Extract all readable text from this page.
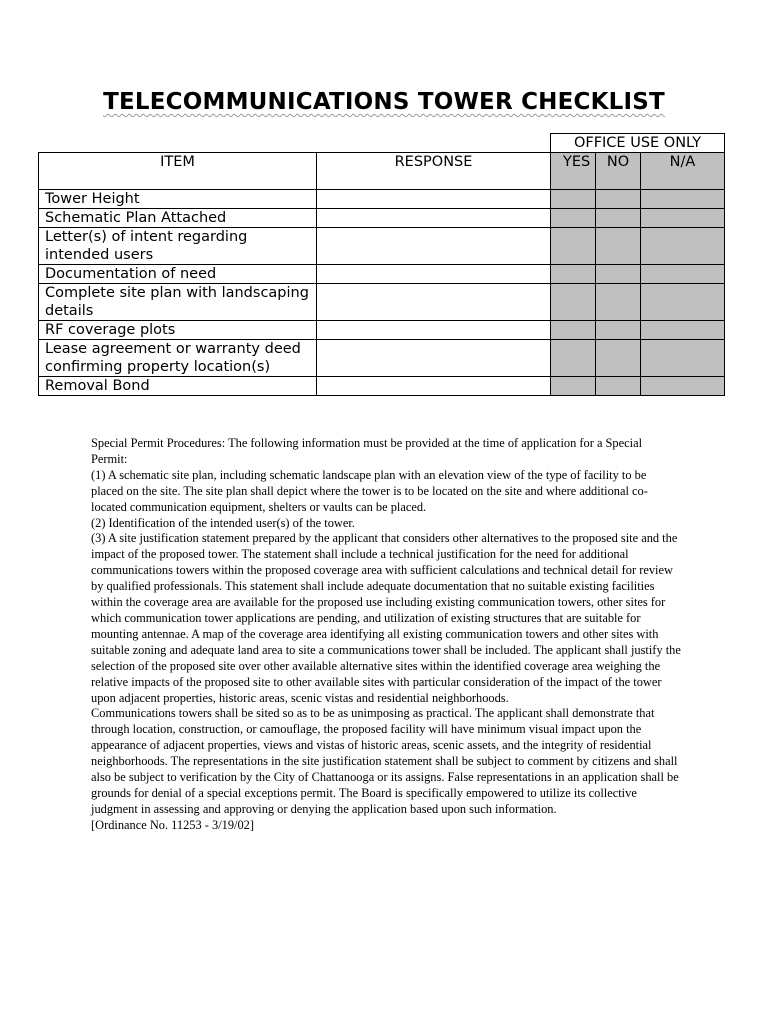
TELECOMMUNICATIONS TOWER CHECKLIST
		OFFICE USE ONLY		
ITEM	RESPONSE	YES	NO	N/A
Tower Height				
Schematic Plan Attached				
Letter(s) of intent regarding intended users				
Documentation of need				
Complete site plan with landscaping details				
RF coverage plots				
Lease agreement or warranty deed confirming property location(s)				
Removal Bond				

Special Permit Procedures: The following information must be provided at the time of application for a Special Permit:

(1) A schematic site plan, including schematic landscape plan with an elevation view of the type of facility to be placed on the site. The site plan shall depict where the tower is to be located on the site and where additional co-located communication equipment, shelters or vaults can be placed.

(2) Identification of the intended user(s) of the tower.

(3) A site justification statement prepared by the applicant that considers other alternatives to the proposed site and the impact of the proposed tower. The statement shall include a technical justification for the need for additional communications towers within the proposed coverage area with sufficient calculations and technical detail for review by qualified professionals. This statement shall include adequate documentation that no suitable existing facilities within the coverage area are available for the proposed use including existing communication towers, other sites for which communication tower applications are pending, and utilization of existing structures that are suitable for mounting antennae. A map of the coverage area identifying all existing communication towers and other sites with suitable zoning and adequate land area to site a communications tower shall be included. The applicant shall justify the selection of the proposed site over other available alternative sites within the identified coverage area weighing the relative impacts of the proposed site to other available sites with particular consideration of the impact of the tower upon adjacent properties, historic areas, scenic vistas and residential neighborhoods.

Communications towers shall be sited so as to be as unimposing as practical. The applicant shall demonstrate that through location, construction, or camouflage, the proposed facility will have minimum visual impact upon the appearance of adjacent properties, views and vistas of historic areas, scenic assets, and the integrity of residential neighborhoods. The representations in the site justification statement shall be subject to comment by citizens and shall also be subject to verification by the City of Chattanooga or its assigns. False representations in an application shall be grounds for denial of a special exceptions permit. The Board is specifically empowered to utilize its collective judgment in assessing and approving or denying the application based upon such information.

[Ordinance No. 11253 - 3/19/02]
